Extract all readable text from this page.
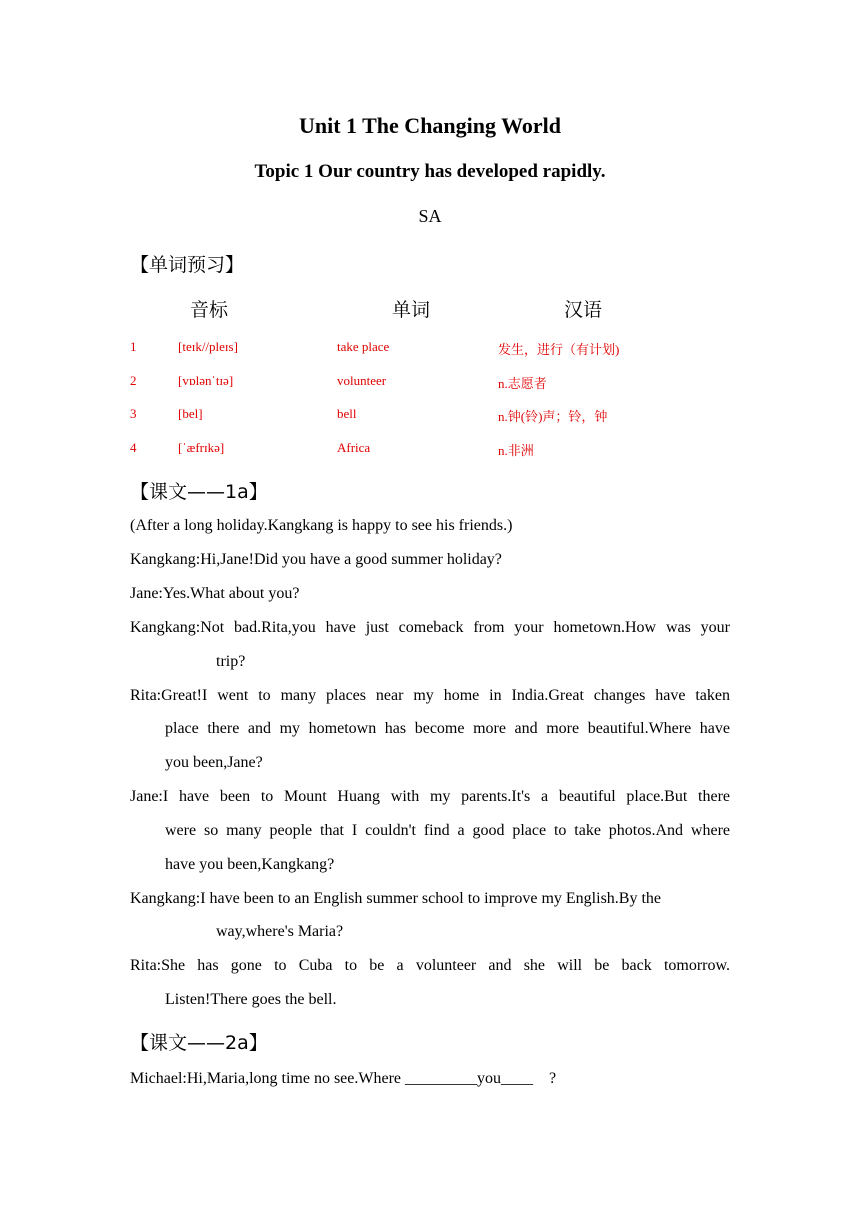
Unit 1 The Changing World
Topic 1 Our country has developed rapidly.
SA
【单词预习】
音标	单词	汉语
1	[teɪk//pleɪs]	take place	发生，进行（有计划)
2	[vɒlənˈtɪə]	volunteer	n.志愿者
3	[bel]	bell	n.钟(铃)声；铃，钟
4	[ˈæfrɪkə]	Africa	n.非洲
【课文——1a】
(After a long holiday.Kangkang is happy to see his friends.)
Kangkang:Hi,Jane!Did you have a good summer holiday?
Jane:Yes.What about you?
Kangkang:Not bad.Rita,you have just comeback from your hometown.How was your
trip?
Rita:Great!I went to many places near my home in India.Great changes have taken
place there and my hometown has become more and more beautiful.Where have
you been,Jane?
Jane:I have been to Mount Huang with my parents.It's a beautiful place.But there
were so many people that I couldn't find a good place to take photos.And where
have you been,Kangkang?
Kangkang:I have been to an English summer school to improve my English.By the
way,where's Maria?
Rita:She has gone to Cuba to be a volunteer and she will be back tomorrow.
Listen!There goes the bell.
【课文——2a】
Michael:Hi,Maria,long time no see.Where _________you____    ?
